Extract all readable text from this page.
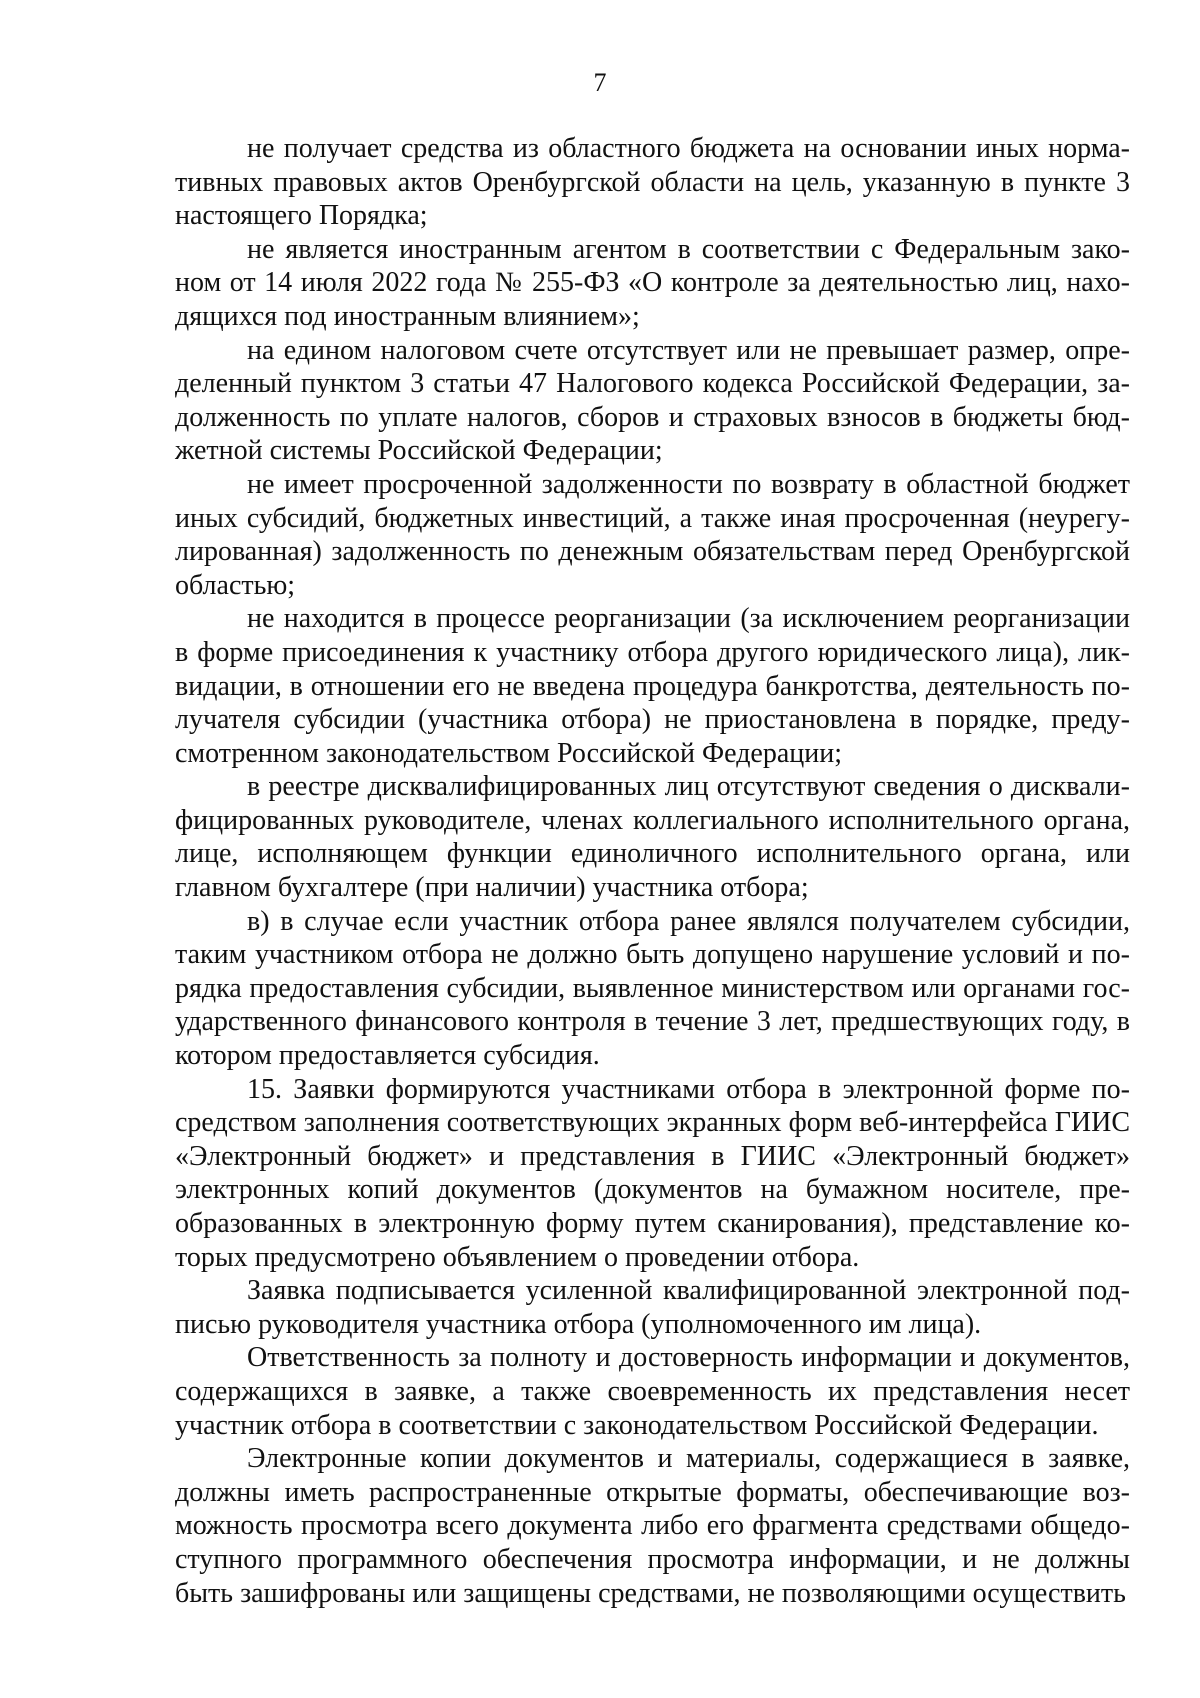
7

не получает средства из областного бюджета на основании иных нормативных правовых актов Оренбургской области на цель, указанную в пункте 3 настоящего Порядка;

не является иностранным агентом в соответствии с Федеральным законом от 14 июля 2022 года № 255-ФЗ «О контроле за деятельностью лиц, находящихся под иностранным влиянием»;

на едином налоговом счете отсутствует или не превышает размер, определенный пунктом 3 статьи 47 Налогового кодекса Российской Федерации, задолженность по уплате налогов, сборов и страховых взносов в бюджеты бюджетной системы Российской Федерации;

не имеет просроченной задолженности по возврату в областной бюджет иных субсидий, бюджетных инвестиций, а также иная просроченная (неурегулированная) задолженность по денежным обязательствам перед Оренбургской областью;

не находится в процессе реорганизации (за исключением реорганизации в форме присоединения к участнику отбора другого юридического лица), ликвидации, в отношении его не введена процедура банкротства, деятельность получателя субсидии (участника отбора) не приостановлена в порядке, предусмотренном законодательством Российской Федерации;

в реестре дисквалифицированных лиц отсутствуют сведения о дисквалифицированных руководителе, членах коллегиального исполнительного органа, лице, исполняющем функции единоличного исполнительного органа, или главном бухгалтере (при наличии) участника отбора;

в) в случае если участник отбора ранее являлся получателем субсидии, таким участником отбора не должно быть допущено нарушение условий и порядка предоставления субсидии, выявленное министерством или органами государственного финансового контроля в течение 3 лет, предшествующих году, в котором предоставляется субсидия.

15. Заявки формируются участниками отбора в электронной форме посредством заполнения соответствующих экранных форм веб-интерфейса ГИИС «Электронный бюджет» и представления в ГИИС «Электронный бюджет» электронных копий документов (документов на бумажном носителе, преобразованных в электронную форму путем сканирования), представление которых предусмотрено объявлением о проведении отбора.

Заявка подписывается усиленной квалифицированной электронной подписью руководителя участника отбора (уполномоченного им лица).

Ответственность за полноту и достоверность информации и документов, содержащихся в заявке, а также своевременность их представления несет участник отбора в соответствии с законодательством Российской Федерации.

Электронные копии документов и материалы, содержащиеся в заявке, должны иметь распространенные открытые форматы, обеспечивающие возможность просмотра всего документа либо его фрагмента средствами общедоступного программного обеспечения просмотра информации, и не должны быть зашифрованы или защищены средствами, не позволяющими осуществить
